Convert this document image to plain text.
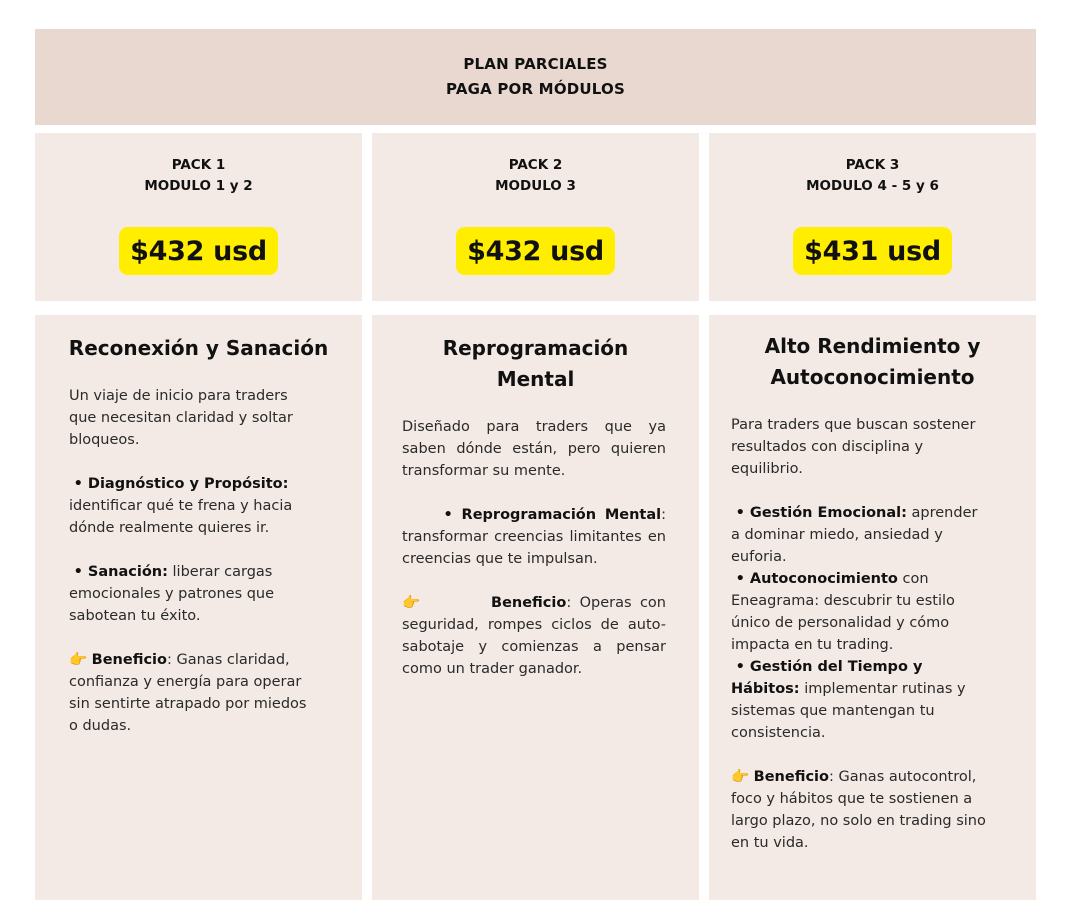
PLAN PARCIALES
PAGA POR MÓDULOS
PACK 1
MODULO 1 y 2
$432 usd
PACK 2
MODULO 3
$432 usd
PACK 3
MODULO 4 - 5 y 6
$431 usd
Reconexión y Sanación

Un viaje de inicio para traders que necesitan claridad y soltar bloqueos.

• Diagnóstico y Propósito: identificar qué te frena y hacia dónde realmente quieres ir.

• Sanación: liberar cargas emocionales y patrones que sabotean tu éxito.

👉 Beneficio: Ganas claridad, confianza y energía para operar sin sentirte atrapado por miedos o dudas.

Reprogramación
Mental

Diseñado para traders que ya saben dónde están, pero quieren transformar su mente.

• Reprogramación Mental: transformar creencias limitantes en creencias que te impulsan.

👉	Beneficio: Operas con seguridad, rompes ciclos de auto-sabotaje y comienzas a pensar como un trader ganador.

Alto Rendimiento y
Autoconocimiento

Para traders que buscan sostener resultados con disciplina y equilibrio.

• Gestión Emocional: aprender a dominar miedo, ansiedad y euforia.

• Autoconocimiento con Eneagrama: descubrir tu estilo único de personalidad y cómo impacta en tu trading.

• Gestión del Tiempo y Hábitos: implementar rutinas y sistemas que mantengan tu consistencia.

👉 Beneficio: Ganas autocontrol, foco y hábitos que te sostienen a largo plazo, no solo en trading sino en tu vida.
